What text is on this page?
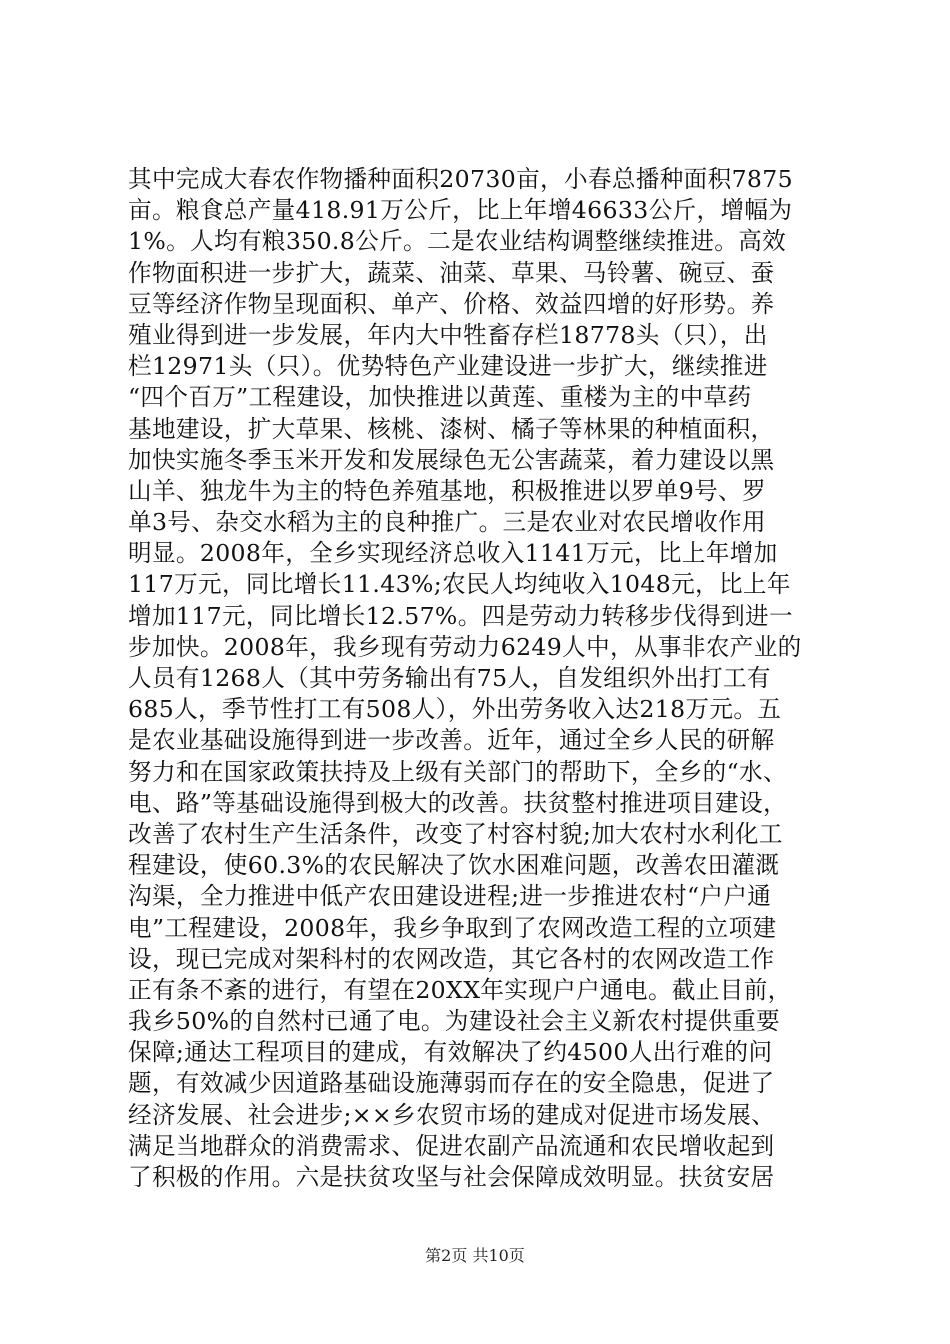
其中完成大春农作物播种面积20730亩，小春总播种面积7875
亩。粮食总产量418.91万公斤，比上年增46633公斤，增幅为
1%。人均有粮350.8公斤。二是农业结构调整继续推进。高效
作物面积进一步扩大，蔬菜、油菜、草果、马铃薯、碗豆、蚕
豆等经济作物呈现面积、单产、价格、效益四增的好形势。养
殖业得到进一步发展，年内大中牲畜存栏18778头（只），出
栏12971头（只）。优势特色产业建设进一步扩大，继续推进
“四个百万”工程建设，加快推进以黄莲、重楼为主的中草药
基地建设，扩大草果、核桃、漆树、橘子等林果的种植面积，
加快实施冬季玉米开发和发展绿色无公害蔬菜，着力建设以黑
山羊、独龙牛为主的特色养殖基地，积极推进以罗单9号、罗
单3号、杂交水稻为主的良种推广。三是农业对农民增收作用
明显。2008年，全乡实现经济总收入1141万元，比上年增加
117万元，同比增长11.43%;农民人均纯收入1048元，比上年
增加117元，同比增长12.57%。四是劳动力转移步伐得到进一
步加快。2008年，我乡现有劳动力6249人中，从事非农产业的
人员有1268人（其中劳务输出有75人，自发组织外出打工有
685人，季节性打工有508人），外出劳务收入达218万元。五
是农业基础设施得到进一步改善。近年，通过全乡人民的研解
努力和在国家政策扶持及上级有关部门的帮助下，全乡的“水、
电、路”等基础设施得到极大的改善。扶贫整村推进项目建设，
改善了农村生产生活条件，改变了村容村貌;加大农村水利化工
程建设，使60.3%的农民解决了饮水困难问题，改善农田灌溉
沟渠，全力推进中低产农田建设进程;进一步推进农村“户户通
电”工程建设，2008年，我乡争取到了农网改造工程的立项建
设，现已完成对架科村的农网改造，其它各村的农网改造工作
正有条不紊的进行，有望在20XX年实现户户通电。截止目前，
我乡50%的自然村已通了电。为建设社会主义新农村提供重要
保障;通达工程项目的建成，有效解决了约4500人出行难的问
题，有效减少因道路基础设施薄弱而存在的安全隐患，促进了
经济发展、社会进步;××乡农贸市场的建成对促进市场发展、
满足当地群众的消费需求、促进农副产品流通和农民增收起到
了积极的作用。六是扶贫攻坚与社会保障成效明显。扶贫安居
第2页 共10页
